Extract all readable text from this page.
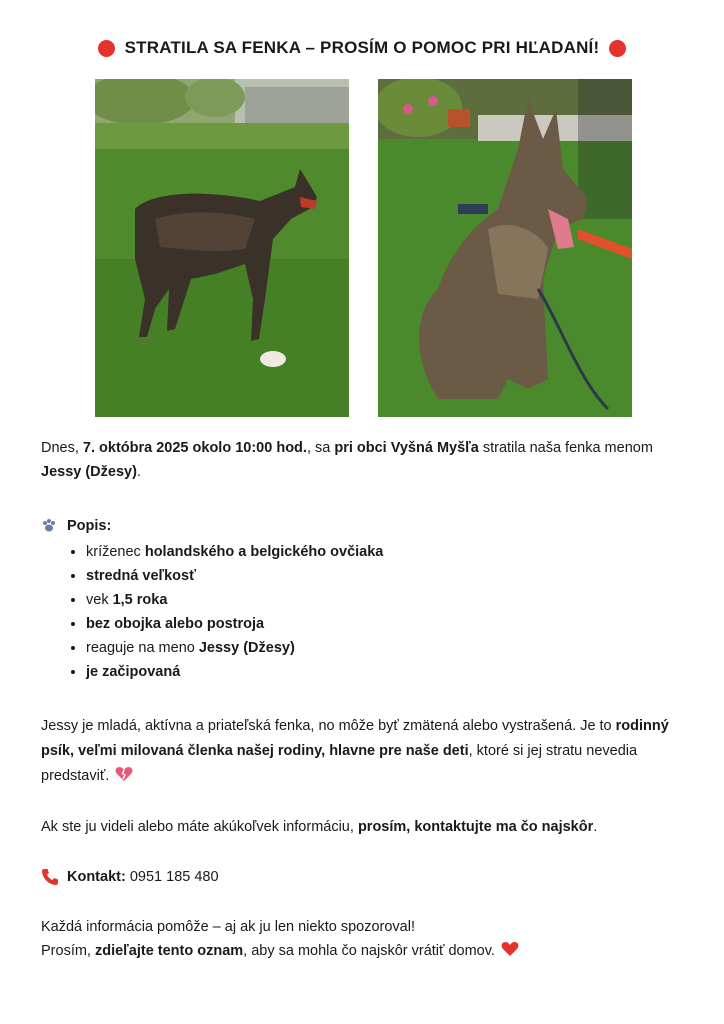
STRATILA SA FENKA – PROSÍM O POMOC PRI HĽADANÍ!

Dnes, 7. októbra 2025 okolo 10:00 hod., sa pri obci Vyšná Myšľa stratila naša fenka menom Jessy (Džesy).

Popis:
• kríženec holandského a belgického ovčiaka
• stredná veľkosť
• vek 1,5 roka
• bez obojka alebo postroja
• reaguje na meno Jessy (Džesy)
• je začipovaná

Jessy je mladá, aktívna a priateľská fenka, no môže byť zmätená alebo vystrašená. Je to rodinný psík, veľmi milovaná členka našej rodiny, hlavne pre naše deti, ktoré si jej stratu nevedia predstaviť.

Ak ste ju videli alebo máte akúkoľvek informáciu, prosím, kontaktujte ma čo najskôr.

Kontakt: 0951 185 480

Každá informácia pomôže – aj ak ju len niekto spozoroval!

Prosím, zdieľajte tento oznam, aby sa mohla čo najskôr vrátiť domov.
